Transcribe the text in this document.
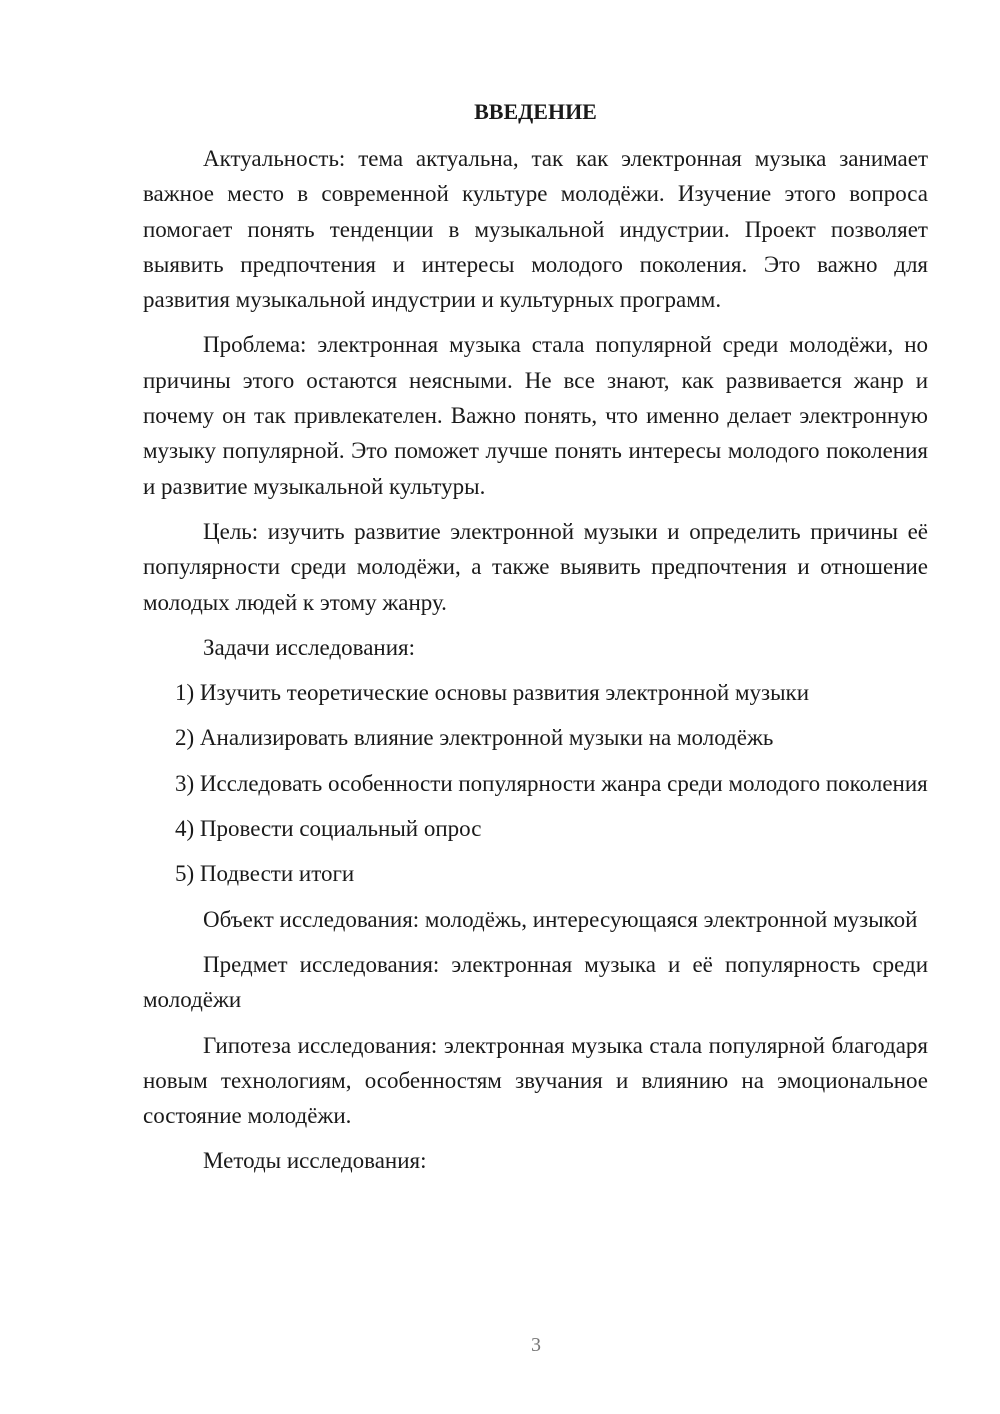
ВВЕДЕНИЕ

Актуальность: тема актуальна, так как электронная музыка занимает важное место в современной культуре молодёжи. Изучение этого вопроса помогает понять тенденции в музыкальной индустрии. Проект позволяет выявить предпочтения и интересы молодого поколения. Это важно для развития музыкальной индустрии и культурных программ.

Проблема: электронная музыка стала популярной среди молодёжи, но причины этого остаются неясными. Не все знают, как развивается жанр и почему он так привлекателен. Важно понять, что именно делает электронную музыку популярной. Это поможет лучше понять интересы молодого поколения и развитие музыкальной культуры.

Цель: изучить развитие электронной музыки и определить причины её популярности среди молодёжи, а также выявить предпочтения и отношение молодых людей к этому жанру.

Задачи исследования:

1) Изучить теоретические основы развития электронной музыки

2) Анализировать влияние электронной музыки на молодёжь

3) Исследовать особенности популярности жанра среди молодого поколения

4) Провести социальный опрос

5) Подвести итоги

Объект исследования: молодёжь, интересующаяся электронной музыкой

Предмет исследования: электронная музыка и её популярность среди молодёжи

Гипотеза исследования: электронная музыка стала популярной благодаря новым технологиям, особенностям звучания и влиянию на эмоциональное состояние молодёжи.

Методы исследования:

3
